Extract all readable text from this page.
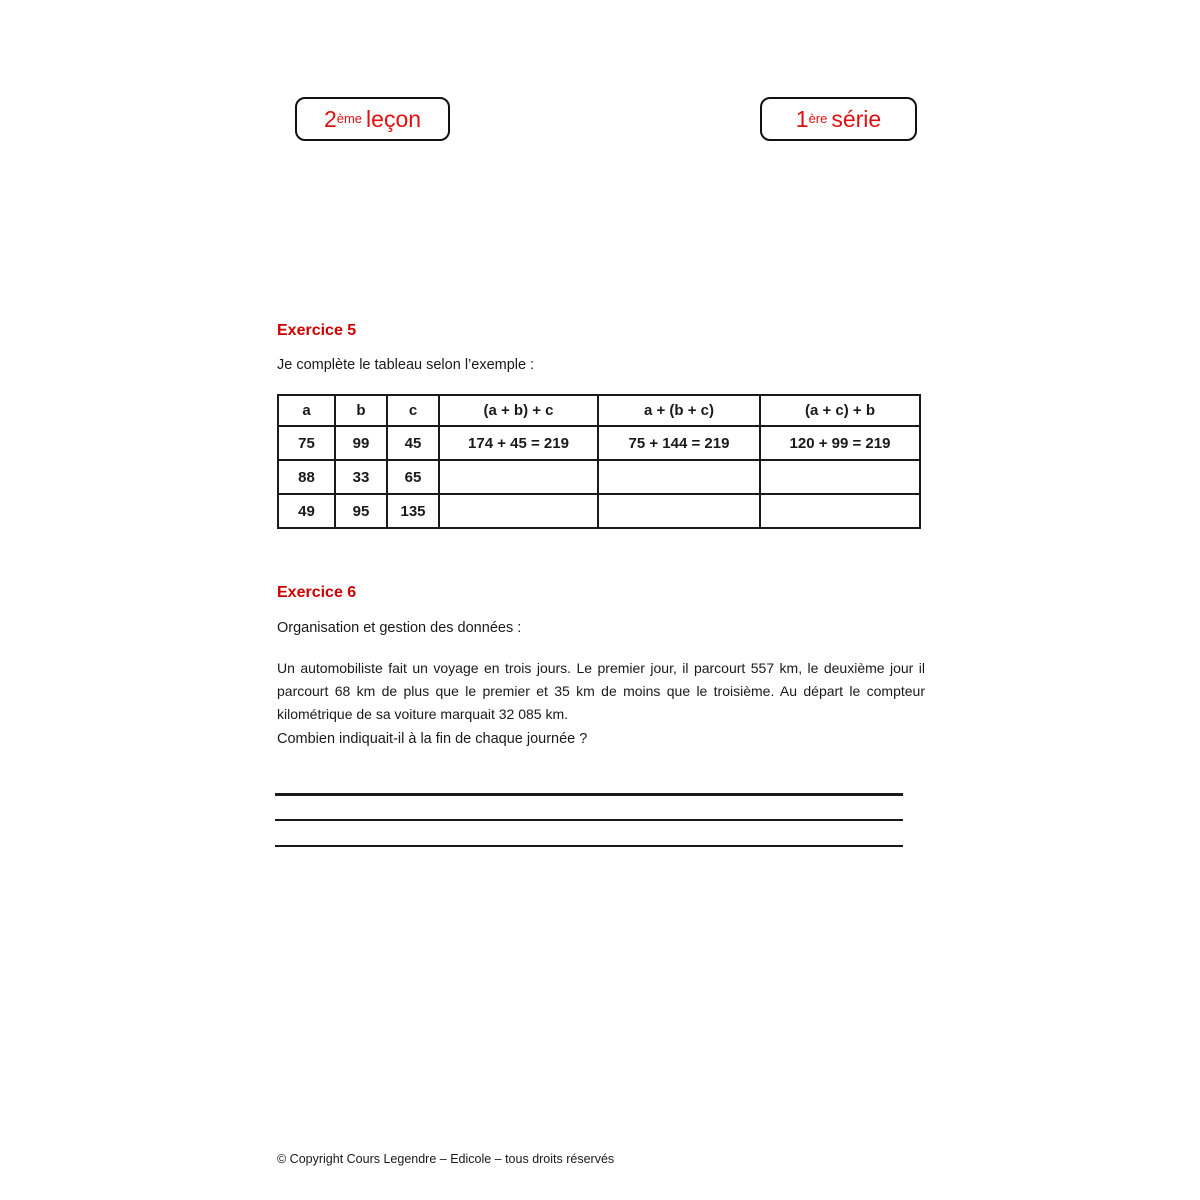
2 ème leçon	1 ère série
Exercice 5
Je complète le tableau selon l’exemple :
a	b	c	(a + b) + c	a + (b + c)	(a + c) + b
75	99	45	174 + 45 = 219	75 + 144 = 219	120 + 99 = 219
88	33	65			
49	95	135			
Exercice 6
Organisation et gestion des données :
Un automobiliste fait un voyage en trois jours. Le premier jour, il parcourt 557 km, le deuxième jour il parcourt 68 km de plus que le premier et 35 km de moins que le troisième. Au départ le compteur kilométrique de sa voiture marquait 32 085 km.
Combien indiquait-il à la fin de chaque journée ?
© Copyright Cours Legendre – Edicole – tous droits réservés
